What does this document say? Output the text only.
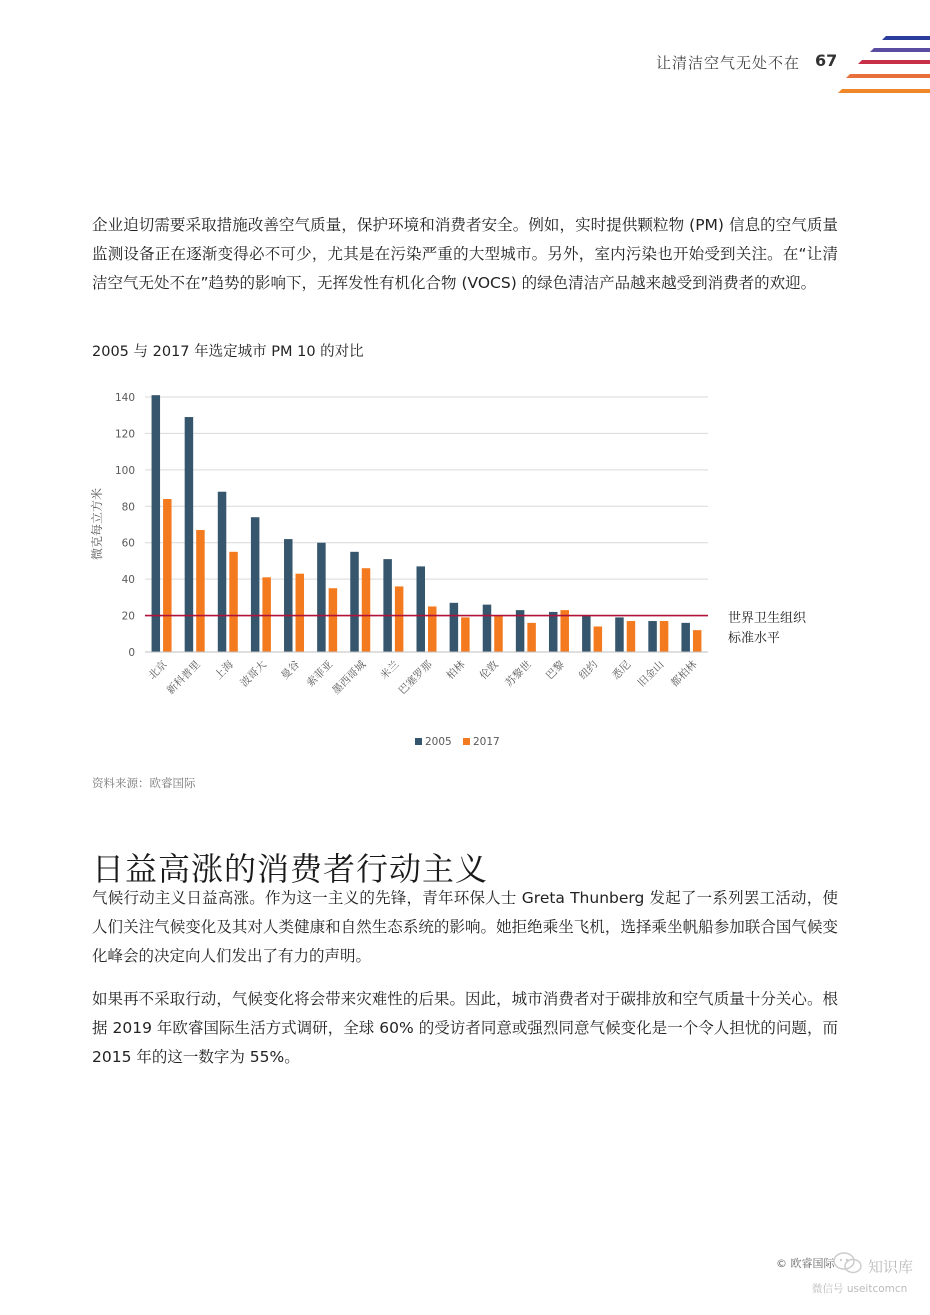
让清洁空气无处不在 67

企业迫切需要采取措施改善空气质量，保护环境和消费者安全。例如，实时提供颗粒物 (PM) 信息的空气质量监测设备正在逐渐变得必不可少，尤其是在污染严重的大型城市。另外，室内污染也开始受到关注。在“让清洁空气无处不在”趋势的影响下，无挥发性有机化合物 (VOCS) 的绿色清洁产品越来越受到消费者的欢迎。

2005 与 2017 年选定城市 PM 10 的对比
0
20
40
60
80
100
120
140
微克每立方米
北京
新科普里 上海 波哥大 曼谷 索菲亚
墨西哥城 米兰
巴塞罗那 柏林 伦敦 苏黎世 巴黎 纽约 悉尼 旧金山 都柏林
世界卫生组织
标准水平
2005 2017
资料来源：欧睿国际
日益高涨的消费者行动主义

气候行动主义日益高涨。作为这一主义的先锋，青年环保人士 Greta Thunberg 发起了一系列罢工活动，使人们关注气候变化及其对人类健康和自然生态系统的影响。她拒绝乘坐飞机，选择乘坐帆船参加联合国气候变化峰会的决定向人们发出了有力的声明。

如果再不采取行动，气候变化将会带来灾难性的后果。因此，城市消费者对于碳排放和空气质量十分关心。根据 2019 年欧睿国际生活方式调研，全球 60% 的受访者同意或强烈同意气候变化是一个令人担忧的问题，而 2015 年的这一数字为 55%。

© 欧睿国际 知识库
微信号 useitcomcn
